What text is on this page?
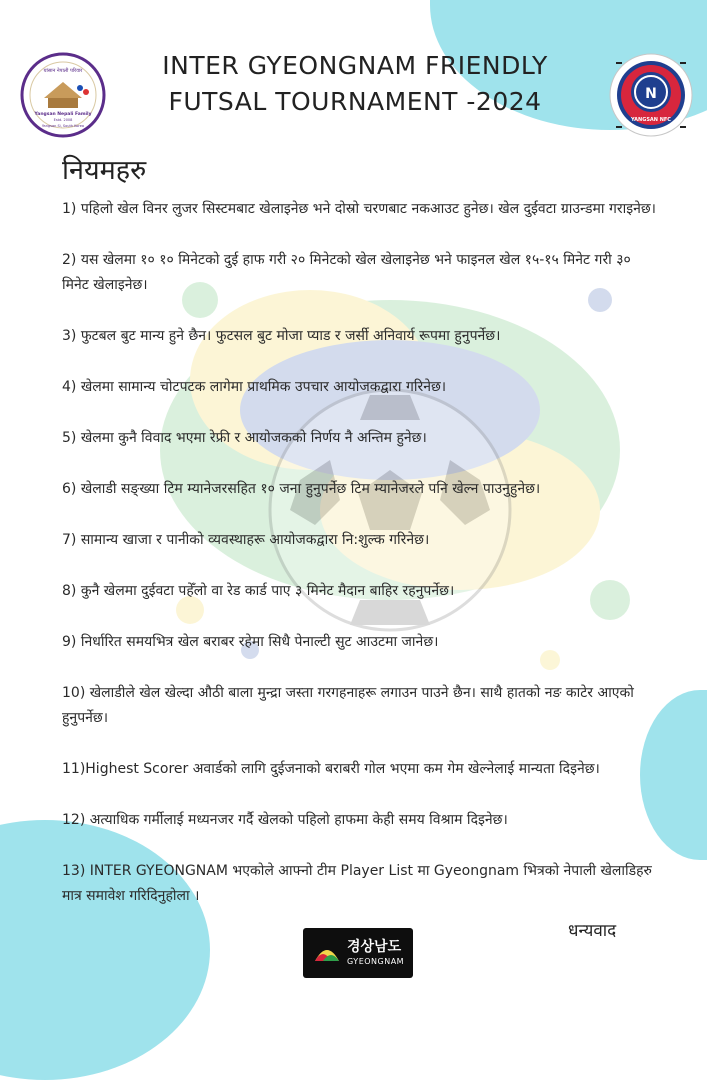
यांसान नेपाली परिवार
Yangsan Nepali Family
Estd. 2008
Yangsan Si, South Korea
INTER GYEONGNAM FRIENDLY
FUTSAL TOURNAMENT -2024	N
YANGSAN NFC
नियमहरु
1) पहिलो खेल विनर लुजर सिस्टमबाट खेलाइनेछ भने दोस्रो चरणबाट नकआउट हुनेछ। खेल दुईवटा ग्राउन्डमा गराइनेछ।
2) यस खेलमा १० १० मिनेटको दुई हाफ गरी २० मिनेटको खेल खेलाइनेछ भने फाइनल खेल १५-१५ मिनेट गरी ३० मिनेट खेलाइनेछ।
3) फुटबल बुट मान्य हुने छैन। फुटसल बुट मोजा प्याड र जर्सी अनिवार्य रूपमा हुनुपर्नेछ।
4) खेलमा सामान्य चोटपटक लागेमा प्राथमिक उपचार आयोजकद्वारा गरिनेछ।
5) खेलमा कुनै विवाद भएमा रेफ्री र आयोजकको निर्णय नै अन्तिम हुनेछ।
6) खेलाडी सङ्ख्या टिम म्यानेजरसहित १० जना हुनुपर्नेछ टिम म्यानेजरले पनि खेल्न पाउनुहुनेछ।
7) सामान्य खाजा र पानीको व्यवस्थाहरू आयोजकद्वारा नि:शुल्क गरिनेछ।
8) कुनै खेलमा दुईवटा पहेँलो वा रेड कार्ड पाए ३ मिनेट मैदान बाहिर रहनुपर्नेछ।
9) निर्धारित समयभित्र खेल बराबर रहेमा सिधै पेनाल्टी सुट आउटमा जानेछ।
10) खेलाडीले खेल खेल्दा औठी बाला मुन्द्रा जस्ता गरगहनाहरू लगाउन पाउने छैन। साथै हातको नङ काटेर आएको हुनुपर्नेछ।
11)Highest Scorer अवार्डको लागि दुईजनाको बराबरी गोल भएमा कम गेम खेल्नेलाई मान्यता दिइनेछ।
12) अत्याधिक गर्मीलाई मध्यनजर गर्दै खेलको पहिलो हाफमा केही समय विश्राम दिइनेछ।
13) INTER GYEONGNAM भएकोले आफ्नो टीम Player List मा Gyeongnam भित्रको नेपाली खेलाडिहरु मात्र समावेश गरिदिनुहोला ।
경상남도
GYEONGNAM
धन्यवाद
